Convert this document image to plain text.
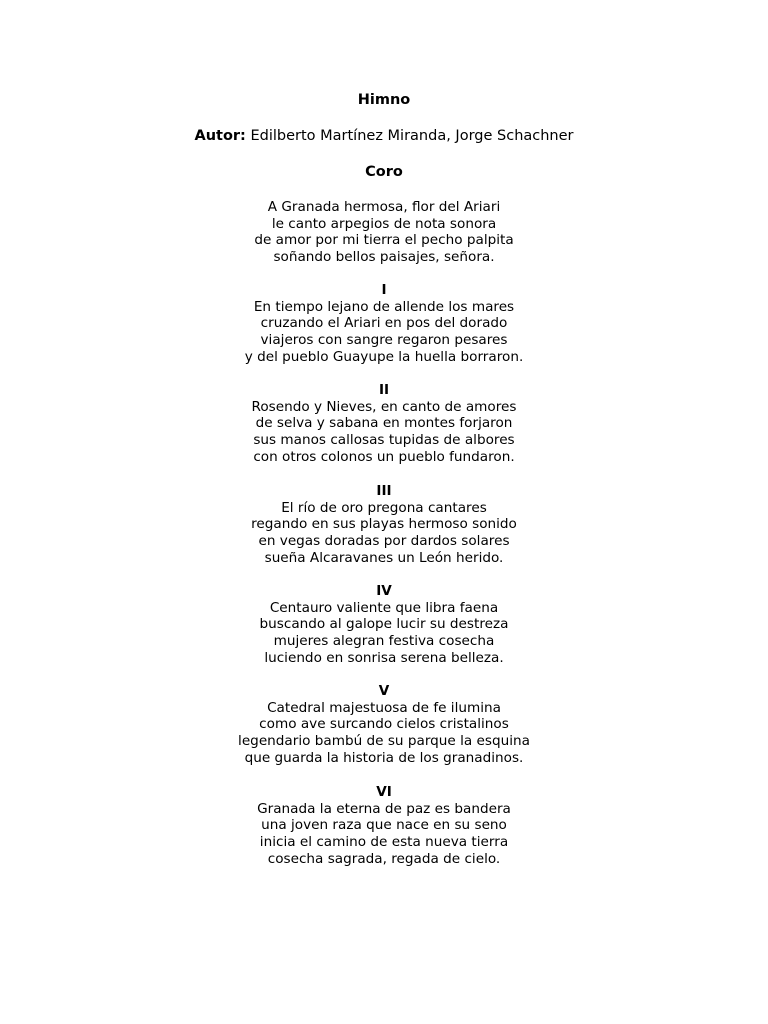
Himno
Autor: Edilberto Martínez Miranda, Jorge Schachner
Coro
A Granada hermosa, flor del Ariari
le canto arpegios de nota sonora
de amor por mi tierra el pecho palpita
soñando bellos paisajes, señora.
I
En tiempo lejano de allende los mares
cruzando el Ariari en pos del dorado
viajeros con sangre regaron pesares
y del pueblo Guayupe la huella borraron.
II
Rosendo y Nieves, en canto de amores
de selva y sabana en montes forjaron
sus manos callosas tupidas de albores
con otros colonos un pueblo fundaron.
III
El río de oro pregona cantares
regando en sus playas hermoso sonido
en vegas doradas por dardos solares
sueña Alcaravanes un León herido.
IV
Centauro valiente que libra faena
buscando al galope lucir su destreza
mujeres alegran festiva cosecha
luciendo en sonrisa serena belleza.
V
Catedral majestuosa de fe ilumina
como ave surcando cielos cristalinos
legendario bambú de su parque la esquina
que guarda la historia de los granadinos.
VI
Granada la eterna de paz es bandera
una joven raza que nace en su seno
inicia el camino de esta nueva tierra
cosecha sagrada, regada de cielo.
